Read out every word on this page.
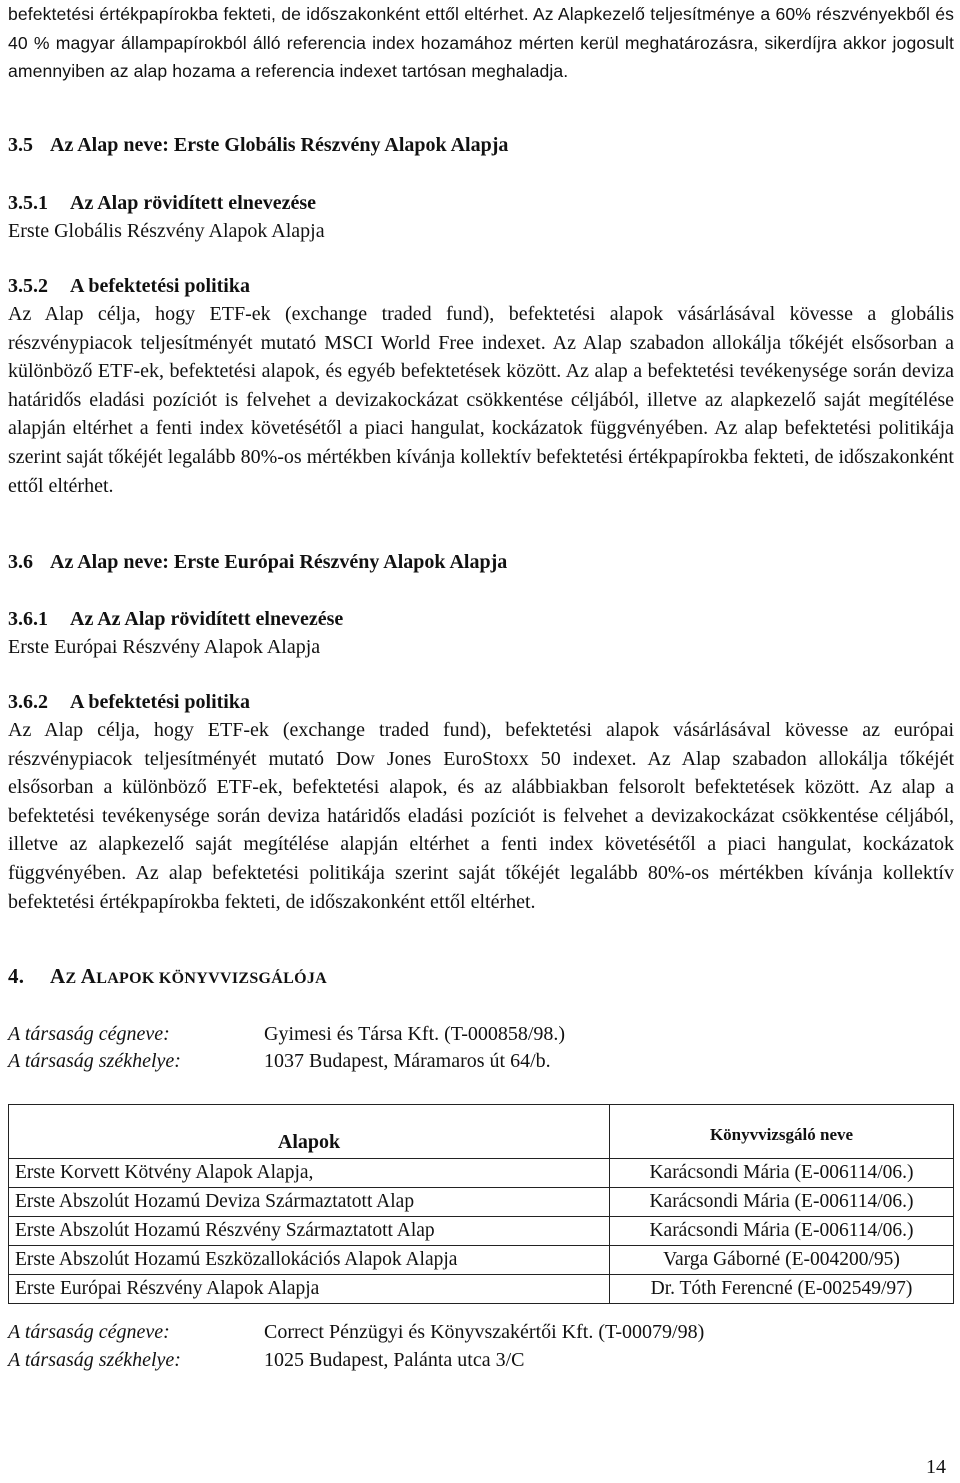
befektetési értékpapírokba fekteti, de időszakonként ettől eltérhet. Az Alapkezelő teljesítménye a 60% részvényekből és 40 % magyar állampapírokból álló referencia index hozamához mérten kerül meghatározásra, sikerdíjra akkor jogosult amennyiben az alap hozama a referencia indexet tartósan meghaladja.

3.5 Az Alap neve: Erste Globális Részvény Alapok Alapja
3.5.1 Az Alap rövidített elnevezése
Erste Globális Részvény Alapok Alapja
3.5.2 A befektetési politika

Az Alap célja, hogy ETF-ek (exchange traded fund), befektetési alapok vásárlásával kövesse a globális részvénypiacok teljesítményét mutató MSCI World Free indexet. Az Alap szabadon allokálja tőkéjét elsősorban a különböző ETF-ek, befektetési alapok, és egyéb befektetések között. Az alap a befektetési tevékenysége során deviza határidős eladási pozíciót is felvehet a devizakockázat csökkentése céljából, illetve az alapkezelő saját megítélése alapján eltérhet a fenti index követésétől a piaci hangulat, kockázatok függvényében. Az alap befektetési politikája szerint saját tőkéjét legalább 80%-os mértékben kívánja kollektív befektetési értékpapírokba fekteti, de időszakonként ettől eltérhet.

3.6 Az Alap neve: Erste Európai Részvény Alapok Alapja
3.6.1 Az Az Alap rövidített elnevezése
Erste Európai Részvény Alapok Alapja
3.6.2 A befektetési politika

Az Alap célja, hogy ETF-ek (exchange traded fund), befektetési alapok vásárlásával kövesse az európai részvénypiacok teljesítményét mutató Dow Jones EuroStoxx 50 indexet. Az Alap szabadon allokálja tőkéjét elsősorban a különböző ETF-ek, befektetési alapok, és az alábbiakban felsorolt befektetések között. Az alap a befektetési tevékenysége során deviza határidős eladási pozíciót is felvehet a devizakockázat csökkentése céljából, illetve az alapkezelő saját megítélése alapján eltérhet a fenti index követésétől a piaci hangulat, kockázatok függvényében. Az alap befektetési politikája szerint saját tőkéjét legalább 80%-os mértékben kívánja kollektív befektetési értékpapírokba fekteti, de időszakonként ettől eltérhet.

4. AZ ALAPOK KÖNYVVIZSGÁLÓJA
A társaság cégneve:	Gyimesi és Társa Kft. (T-000858/98.)
A társaság székhelye:	1037 Budapest, Máramaros út 64/b.
Alapok	Könyvvizsgáló neve
Erste Korvett Kötvény Alapok Alapja,	Karácsondi Mária (E-006114/06.)
Erste Abszolút Hozamú Deviza Származtatott Alap	Karácsondi Mária (E-006114/06.)
Erste Abszolút Hozamú Részvény Származtatott Alap	Karácsondi Mária (E-006114/06.)
Erste Abszolút Hozamú Eszközallokációs Alapok Alapja	Varga Gáborné (E-004200/95)
Erste Európai Részvény Alapok Alapja	Dr. Tóth Ferencné (E-002549/97)
A társaság cégneve:	Correct Pénzügyi és Könyvszakértői Kft. (T-00079/98)
A társaság székhelye:	1025 Budapest, Palánta utca 3/C
14
